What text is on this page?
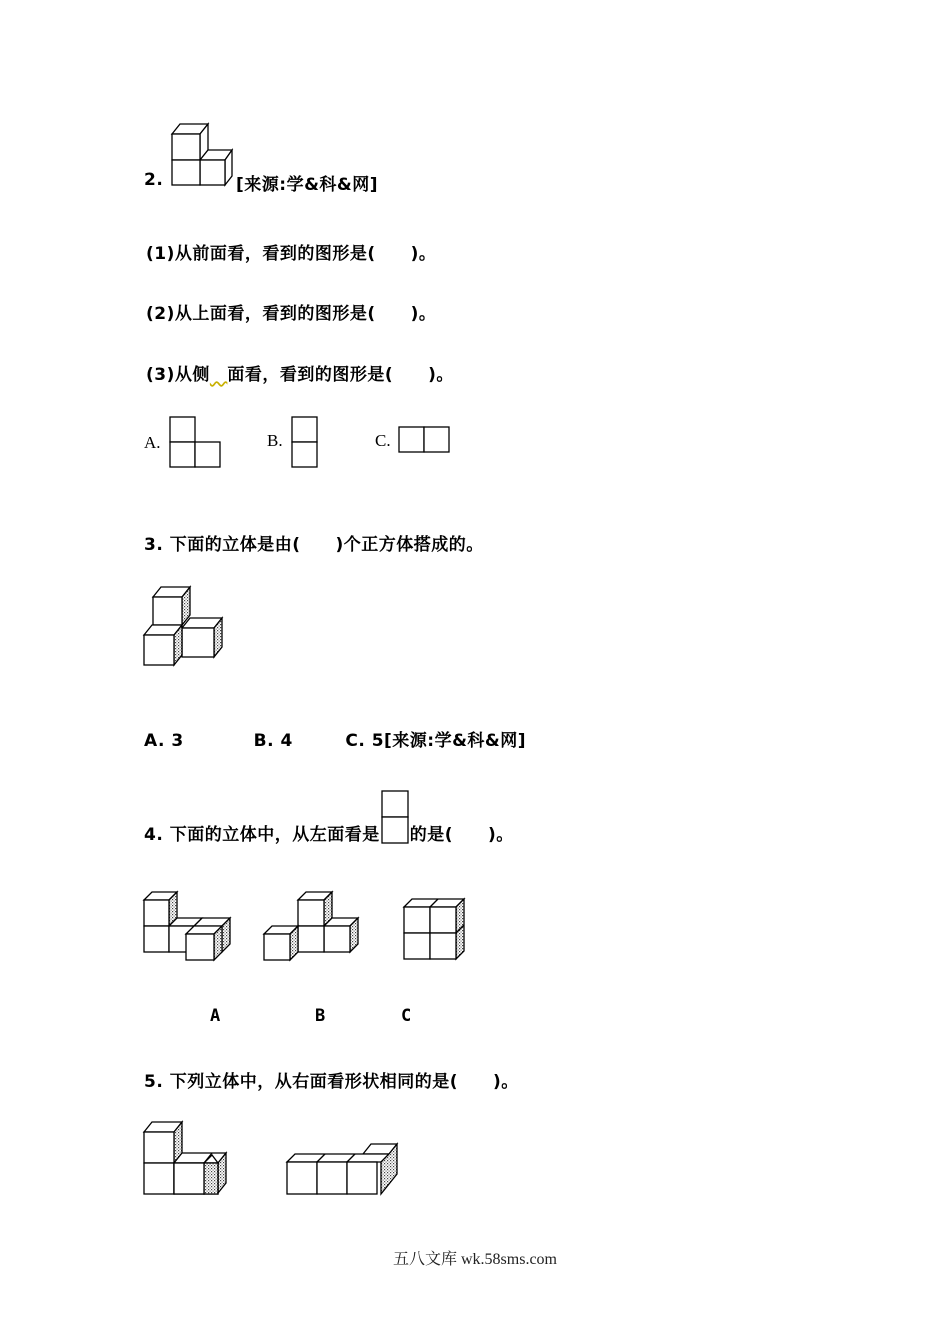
2.	[来源:学&科&网]
(1)从前面看，看到的图形是(　　)。
(2)从上面看，看到的图形是(　　)。
(3)从侧　 面看，看到的图形是(　　)。
A.	B.	C.
3. 下面的立体是由(　　)个正方体搭成的。
A. 3　　　　B. 4　　　C. 5[来源:学&科&网]
4. 下面的立体中，从左面看是 的是(　　)。
A	B	C
5. 下列立体中，从右面看形状相同的是(　　)。
五八文库 wk.58sms.com
